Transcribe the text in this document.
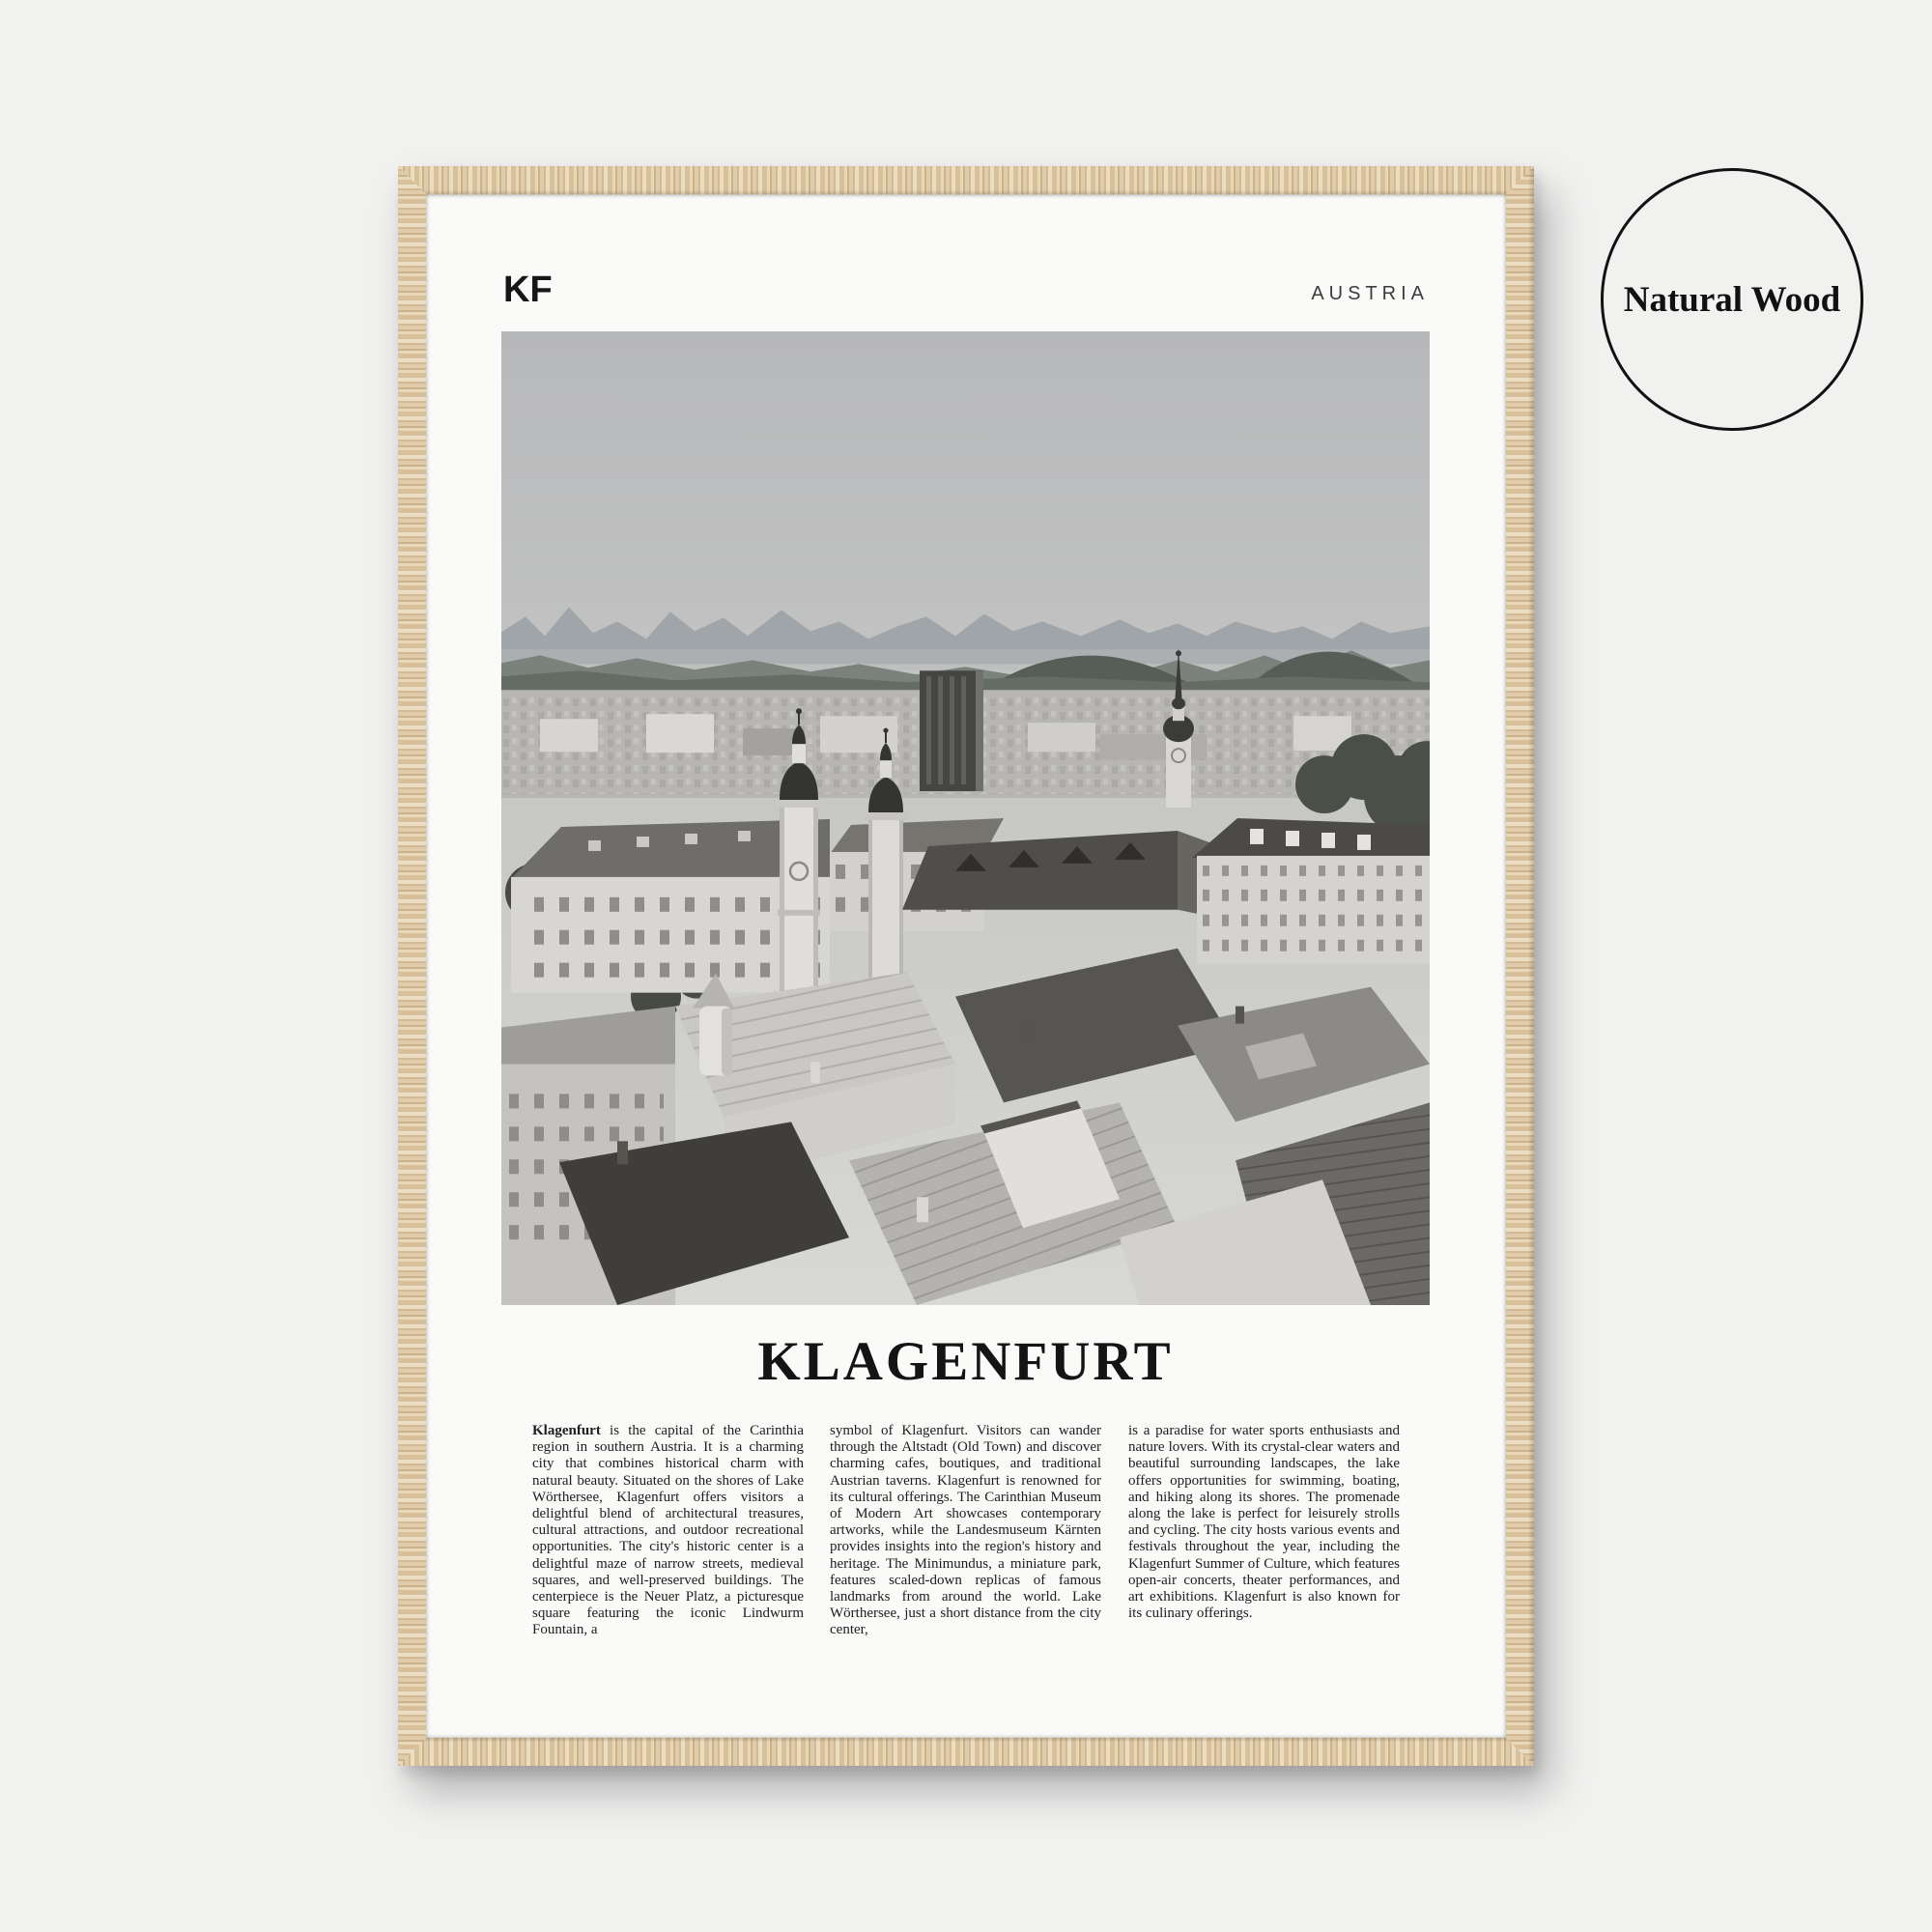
Natural Wood
KF	AUSTRIA
KLAGENFURT
Klagenfurt is the capital of the Carinthia region in southern Austria. It is a charming city that combines historical charm with natural beauty. Situated on the shores of Lake Wörthersee, Klagenfurt offers visitors a delightful blend of architectural treasures, cultural attractions, and outdoor recreational opportunities. The city's historic center is a delightful maze of narrow streets, medieval squares, and well-preserved buildings. The centerpiece is the Neuer Platz, a picturesque square featuring the iconic Lindwurm Fountain, a
symbol of Klagenfurt. Visitors can wander through the Altstadt (Old Town) and discover charming cafes, boutiques, and traditional Austrian taverns. Klagenfurt is renowned for its cultural offerings. The Carinthian Museum of Modern Art showcases contemporary artworks, while the Landesmuseum Kärnten provides insights into the region's history and heritage. The Minimundus, a miniature park, features scaled-down replicas of famous landmarks from around the world. Lake Wörthersee, just a short distance from the city center,
is a paradise for water sports enthusiasts and nature lovers. With its crystal-clear waters and beautiful surrounding landscapes, the lake offers opportunities for swimming, boating, and hiking along its shores. The promenade along the lake is perfect for leisurely strolls and cycling. The city hosts various events and festivals throughout the year, including the Klagenfurt Summer of Culture, which features open-air concerts, theater performances, and art exhibitions. Klagenfurt is also known for its culinary offerings.
